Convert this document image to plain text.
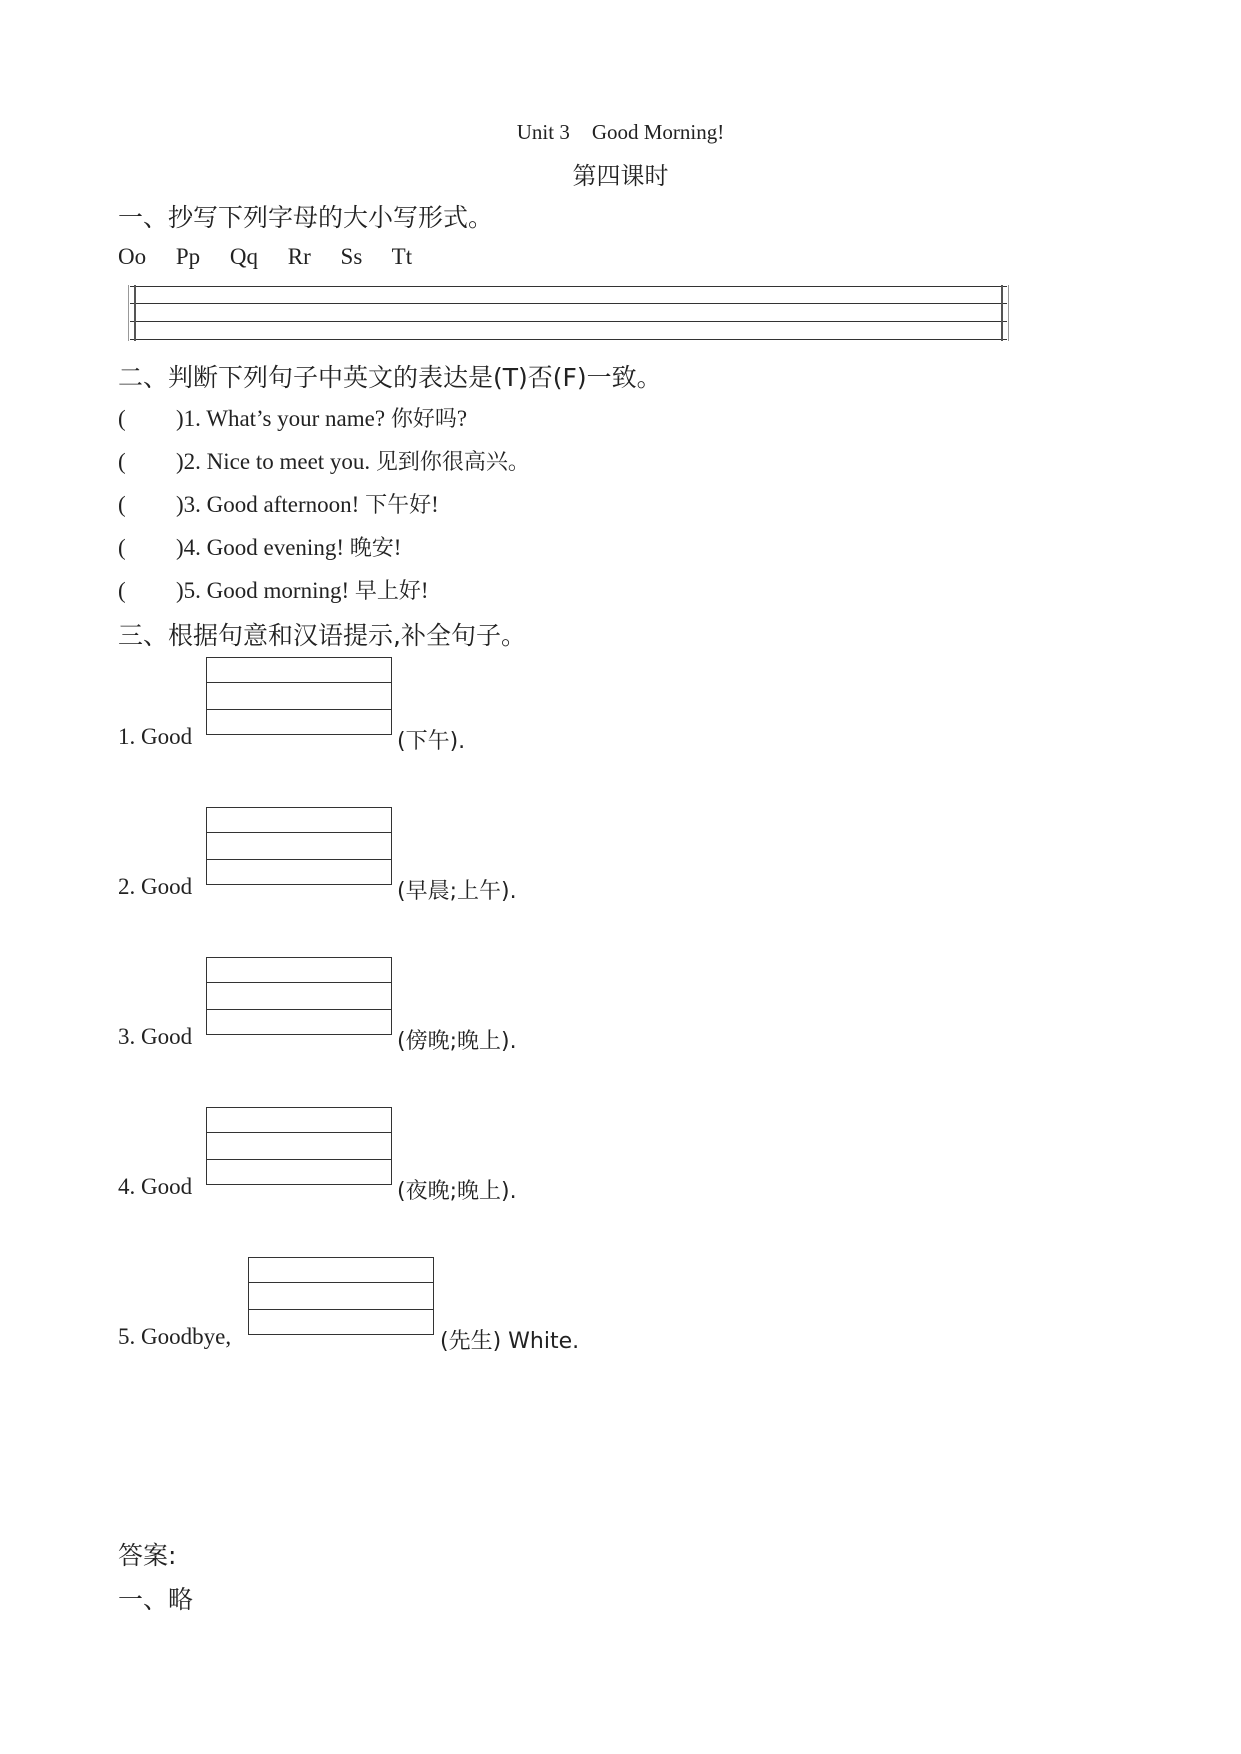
Unit 3 Good Morning!
第四课时
一、抄写下列字母的大小写形式。
Oo Pp Qq Rr Ss Tt
二、判断下列句子中英文的表达是(T)否(F)一致。
( )1. What’s your name? 你好吗?
( )2. Nice to meet you. 见到你很高兴。
( )3. Good afternoon! 下午好!
( )4. Good evening! 晚安!
( )5. Good morning! 早上好!
三、根据句意和汉语提示,补全句子。
1. Good	(下午).
2. Good	(早晨;上午).
3. Good	(傍晚;晚上).
4. Good	(夜晚;晚上).
5. Goodbye,	(先生) White.
答案:
一、略
